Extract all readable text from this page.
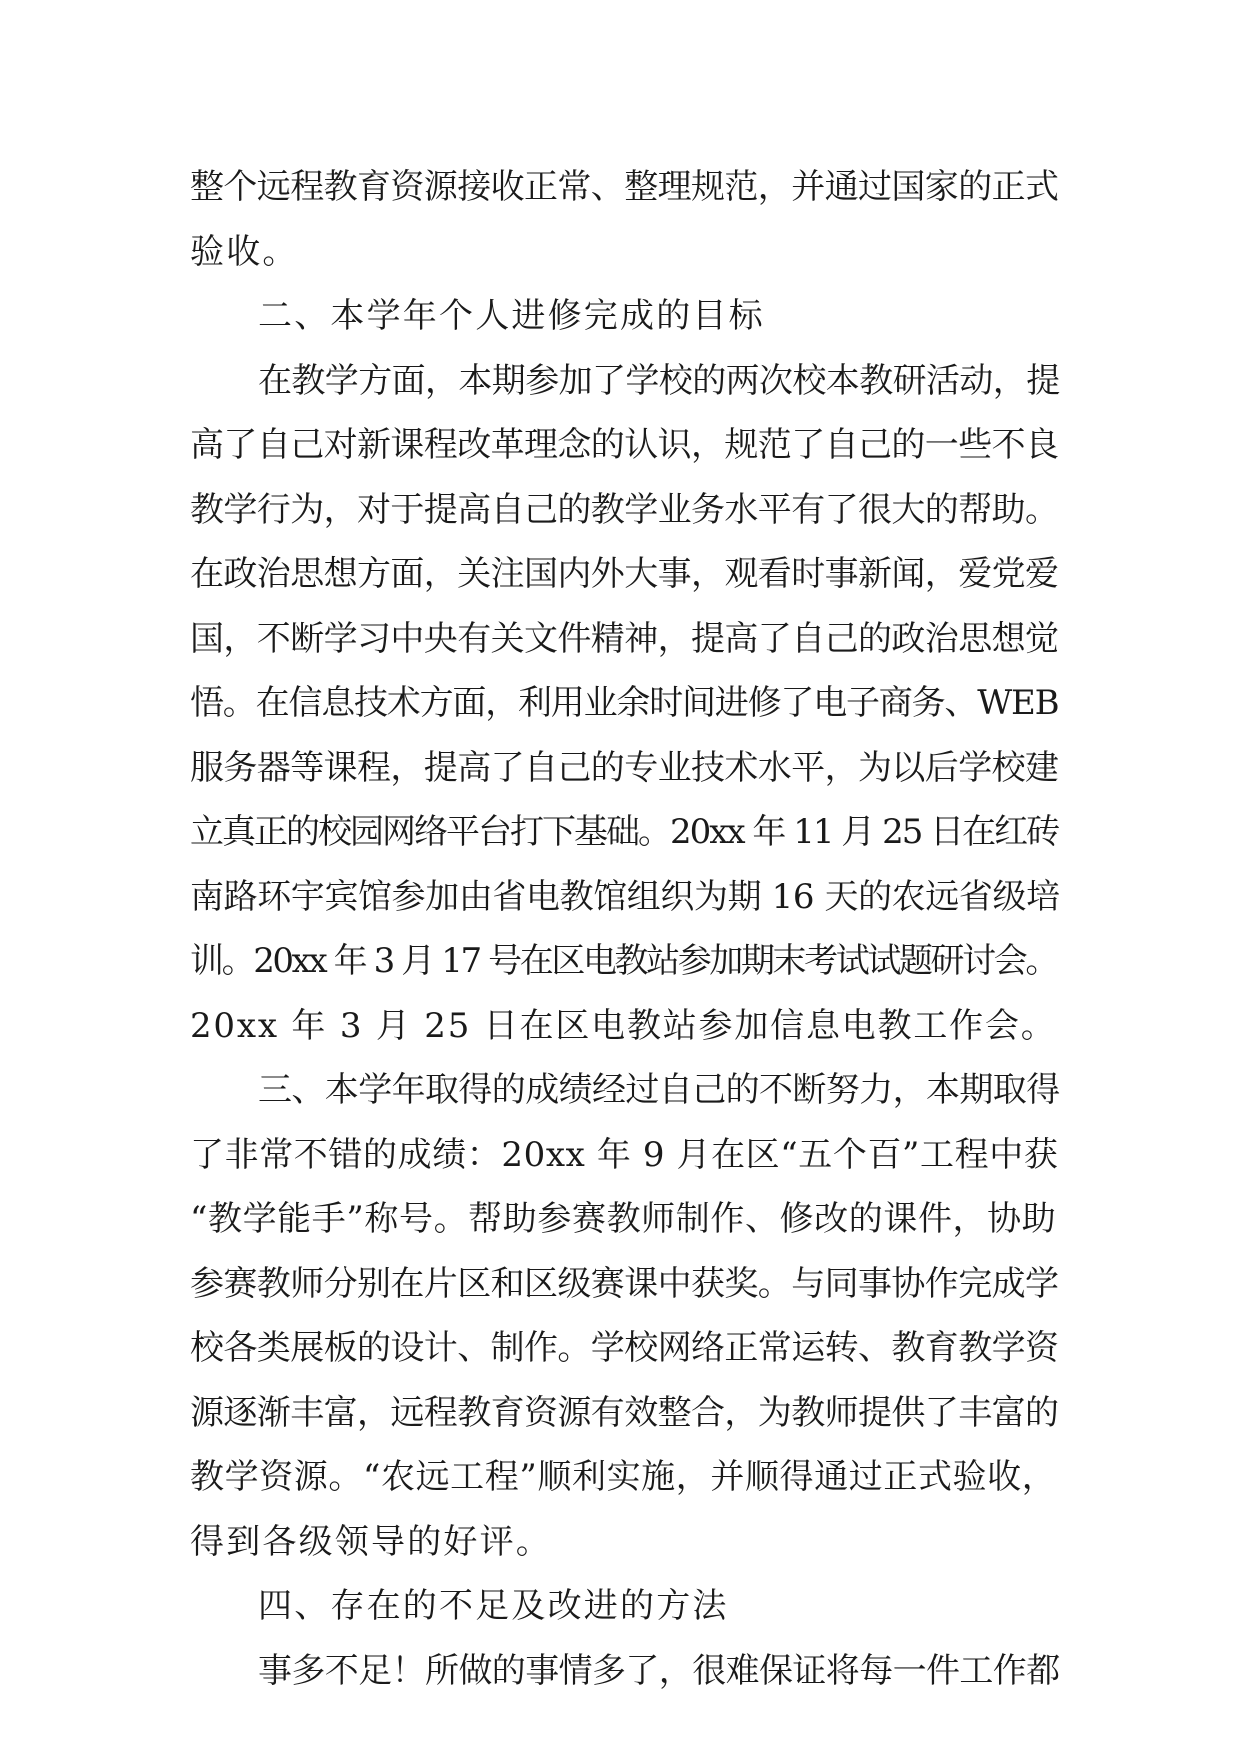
整个远程教育资源接收正常、整理规范，并通过国家的正式
验收。
二、本学年个人进修完成的目标
在教学方面，本期参加了学校的两次校本教研活动，提
高了自己对新课程改革理念的认识，规范了自己的一些不良
教学行为，对于提高自己的教学业务水平有了很大的帮助。
在政治思想方面，关注国内外大事，观看时事新闻，爱党爱
国，不断学习中央有关文件精神，提高了自己的政治思想觉
悟。在信息技术方面，利用业余时间进修了电子商务、WEB
服务器等课程，提高了自己的专业技术水平，为以后学校建
立真正的校园网络平台打下基础。20xx 年 11 月 25 日在红砖
南路环宇宾馆参加由省电教馆组织为期 16 天的农远省级培
训。20xx 年 3 月 17 号在区电教站参加期末考试试题研讨会。
20xx 年 3 月 25 日在区电教站参加信息电教工作会。
三、本学年取得的成绩经过自己的不断努力，本期取得
了非常不错的成绩：20xx 年 9 月在区“五个百”工程中获
“教学能手”称号。帮助参赛教师制作、修改的课件，协助
参赛教师分别在片区和区级赛课中获奖。与同事协作完成学
校各类展板的设计、制作。学校网络正常运转、教育教学资
源逐渐丰富，远程教育资源有效整合，为教师提供了丰富的
教学资源。“农远工程”顺利实施，并顺得通过正式验收，
得到各级领导的好评。
四、存在的不足及改进的方法
事多不足！所做的事情多了，很难保证将每一件工作都
